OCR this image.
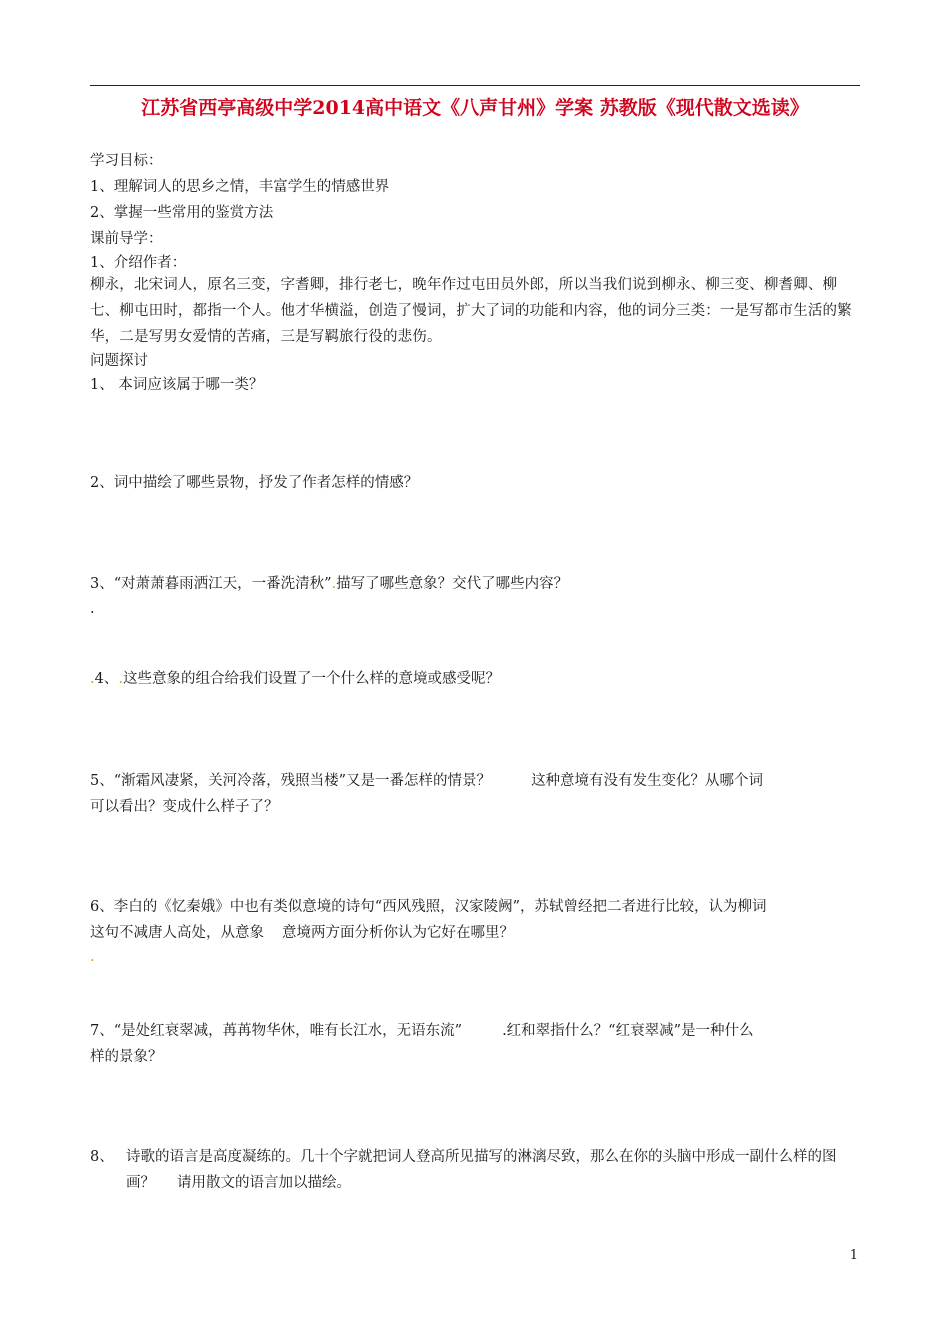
江苏省西亭高级中学2014高中语文《八声甘州》学案 苏教版《现代散文选读》
学习目标：
1、理解词人的思乡之情，丰富学生的情感世界
2、掌握一些常用的鉴赏方法
课前导学：
1、介绍作者：
柳永，北宋词人，原名三变，字耆卿，排行老七，晚年作过屯田员外郎，所以当我们说到柳永、柳三变、柳耆卿、柳七、柳屯田时，都指一个人。他才华横溢，创造了慢词，扩大了词的功能和内容，他的词分三类：一是写都市生活的繁华，二是写男女爱情的苦痛，三是写羁旅行役的悲伤。
问题探讨
1、 本词应该属于哪一类？
2、词中描绘了哪些景物，抒发了作者怎样的情感？
3、“对萧萧暮雨洒江天，一番洗清秋”.描写了哪些意象？交代了哪些内容？
.
.4、.这些意象的组合给我们设置了一个什么样的意境或感受呢？
5、“渐霜风凄紧，关河冷落，残照当楼”又是一番怎样的情景？	这种意境有没有发生变化？从哪个词
可以看出？变成什么样子了？
6、李白的《忆秦娥》中也有类似意境的诗句“西风残照，汉家陵阙”，苏轼曾经把二者进行比较，认为柳词
这句不减唐人高处，从意象 意境两方面分析你认为它好在哪里？
.
7、“是处红衰翠减，苒苒物华休，唯有长江水，无语东流”	.红和翠指什么？“红衰翠减”是一种什么
样的景象？
8、 诗歌的语言是高度凝练的。几十个字就把词人登高所见描写的淋漓尽致，那么在你的头脑中形成一副什么样的图画？ 请用散文的语言加以描绘。
1
